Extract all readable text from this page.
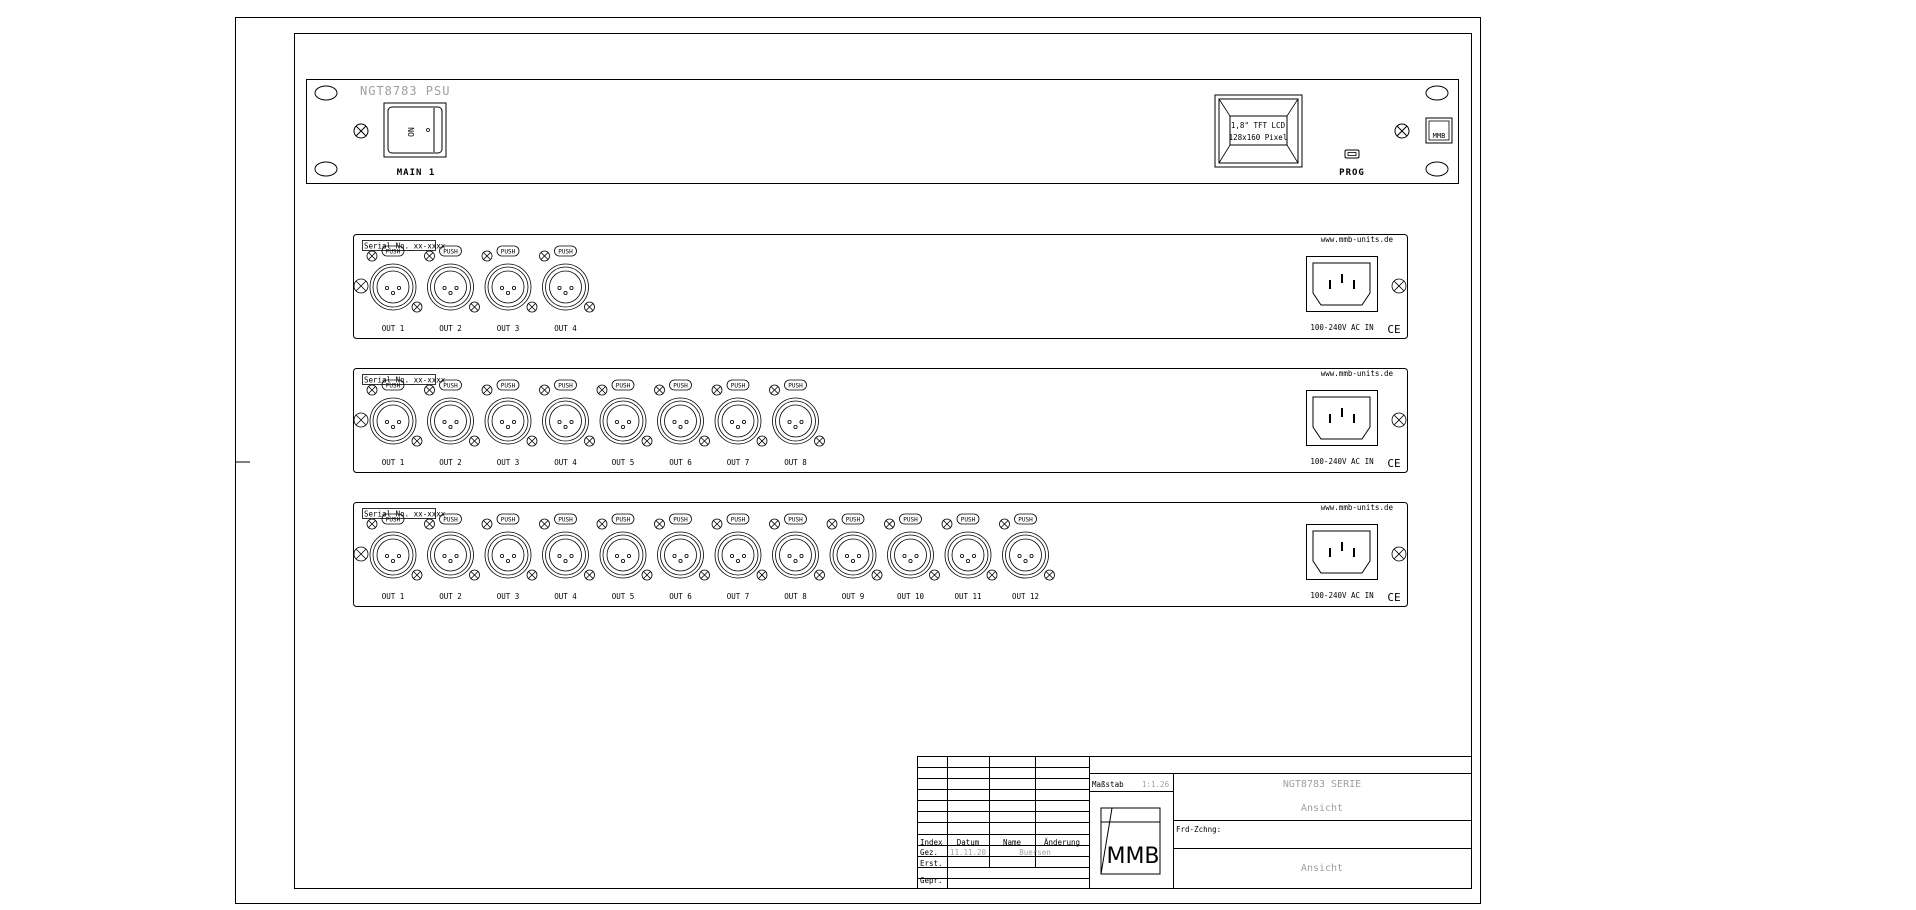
NGT8783 PSU
ON
MAIN 1
1,8" TFT LCD
128x160 Pixel
PROG
MMB
Serial_No._xx-xxxx
www.mmb-units.de
PUSH
OUT 1
PUSH
OUT 2
PUSH
OUT 3
PUSH
OUT 4	100-240V AC IN CE
Serial_No._xx-xxxx
www.mmb-units.de
PUSH
OUT 1
PUSH
OUT 2
PUSH
OUT 3
PUSH
OUT 4
PUSH
OUT 5
PUSH
OUT 6
PUSH
OUT 7
PUSH
OUT 8	100-240V AC IN CE
Serial_No._xx-xxxx
www.mmb-units.de
PUSH
OUT 1
PUSH
OUT 2
PUSH
OUT 3
PUSH
OUT 4
PUSH
OUT 5
PUSH
OUT 6
PUSH
OUT 7
PUSH
OUT 8
PUSH
OUT 9
PUSH
OUT 10
PUSH
OUT 11
PUSH
OUT 12	100-240V AC IN CE
Index Datum	Name	Änderung
Gez. 11.11.20	Buersen
Erst.
Gepr.
Maßstab 1:1.26
MMB
NGT8783 SERIE
Ansicht
Frd-Zchng:
Ansicht
